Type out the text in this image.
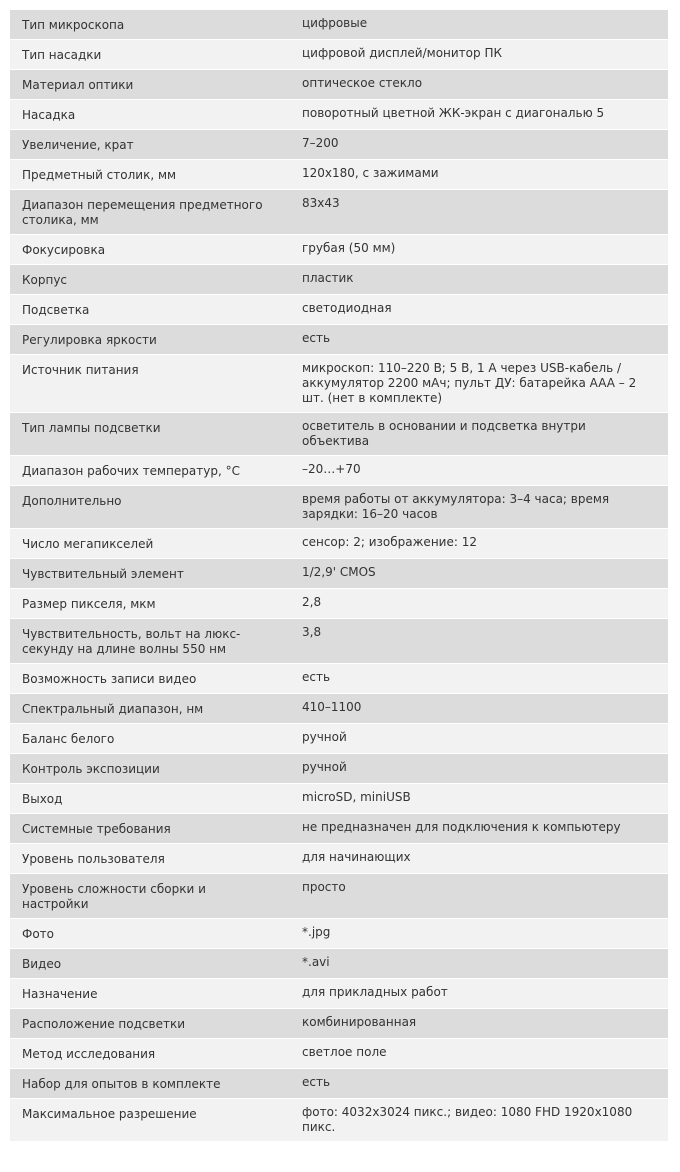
Тип микроскопа	цифровые
Тип насадки	цифровой дисплей/монитор ПК
Материал оптики	оптическое стекло
Насадка	поворотный цветной ЖК-экран с диагональю 5
Увеличение, крат	7–200
Предметный столик, мм	120x180, с зажимами
Диапазон перемещения предметного столика, мм	83x43
Фокусировка	грубая (50 мм)
Корпус	пластик
Подсветка	светодиодная
Регулировка яркости	есть
Источник питания	микроскоп: 110–220 В; 5 В, 1 А через USB-кабель / аккумулятор 2200 мАч; пульт ДУ: батарейка AAA – 2 шт. (нет в комплекте)
Тип лампы подсветки	осветитель в основании и подсветка внутри объектива
Диапазон рабочих температур, °С	–20…+70
Дополнительно	время работы от аккумулятора: 3–4 часа; время зарядки: 16–20 часов
Число мегапикселей	сенсор: 2; изображение: 12
Чувствительный элемент	1/2,9' CMOS
Размер пикселя, мкм	2,8
Чувствительность, вольт на люкс-секунду на длине волны 550 нм	3,8
Возможность записи видео	есть
Спектральный диапазон, нм	410–1100
Баланс белого	ручной
Контроль экспозиции	ручной
Выход	microSD, miniUSB
Системные требования	не предназначен для подключения к компьютеру
Уровень пользователя	для начинающих
Уровень сложности сборки и настройки	просто
Фото	*.jpg
Видео	*.avi
Назначение	для прикладных работ
Расположение подсветки	комбинированная
Метод исследования	светлое поле
Набор для опытов в комплекте	есть
Максимальное разрешение	фото: 4032x3024 пикс.; видео: 1080 FHD 1920x1080 пикс.
